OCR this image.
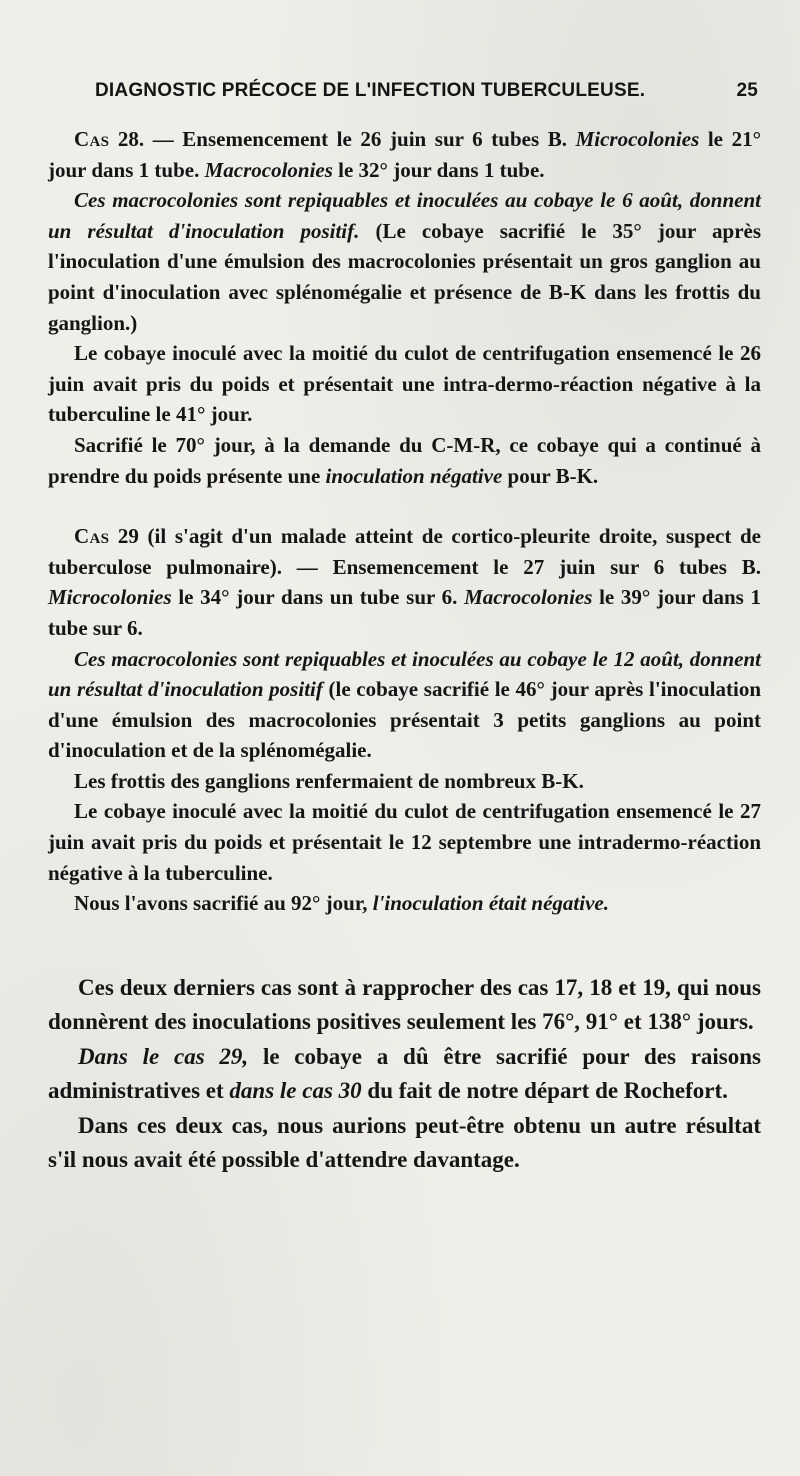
DIAGNOSTIC PRÉCOCE DE L'INFECTION TUBERCULEUSE.	25

Cas 28. — Ensemencement le 26 juin sur 6 tubes B. Microcolonies le 21° jour dans 1 tube. Macrocolonies le 32° jour dans 1 tube.

Ces macrocolonies sont repiquables et inoculées au cobaye le 6 août, donnent un résultat d'inoculation positif. (Le cobaye sacrifié le 35° jour après l'inoculation d'une émulsion des macrocolonies présentait un gros ganglion au point d'inoculation avec splénomégalie et présence de B-K dans les frottis du ganglion.)

Le cobaye inoculé avec la moitié du culot de centrifugation ensemencé le 26 juin avait pris du poids et présentait une intra-dermo-réaction négative à la tuberculine le 41° jour.

Sacrifié le 70° jour, à la demande du C-M-R, ce cobaye qui a continué à prendre du poids présente une inoculation négative pour B-K.

Cas 29 (il s'agit d'un malade atteint de cortico-pleurite droite, suspect de tuberculose pulmonaire). — Ensemencement le 27 juin sur 6 tubes B. Microcolonies le 34° jour dans un tube sur 6. Macrocolonies le 39° jour dans 1 tube sur 6.

Ces macrocolonies sont repiquables et inoculées au cobaye le 12 août, donnent un résultat d'inoculation positif (le cobaye sacrifié le 46° jour après l'inoculation d'une émulsion des macrocolonies présentait 3 petits ganglions au point d'inoculation et de la splénomégalie.

Les frottis des ganglions renfermaient de nombreux B-K.

Le cobaye inoculé avec la moitié du culot de centrifugation ensemencé le 27 juin avait pris du poids et présentait le 12 septembre une intradermo-réaction négative à la tuberculine.

Nous l'avons sacrifié au 92° jour, l'inoculation était négative.

Ces deux derniers cas sont à rapprocher des cas 17, 18 et 19, qui nous donnèrent des inoculations positives seulement les 76°, 91° et 138° jours.

Dans le cas 29, le cobaye a dû être sacrifié pour des raisons administratives et dans le cas 30 du fait de notre départ de Rochefort.

Dans ces deux cas, nous aurions peut-être obtenu un autre résultat s'il nous avait été possible d'attendre davantage.
